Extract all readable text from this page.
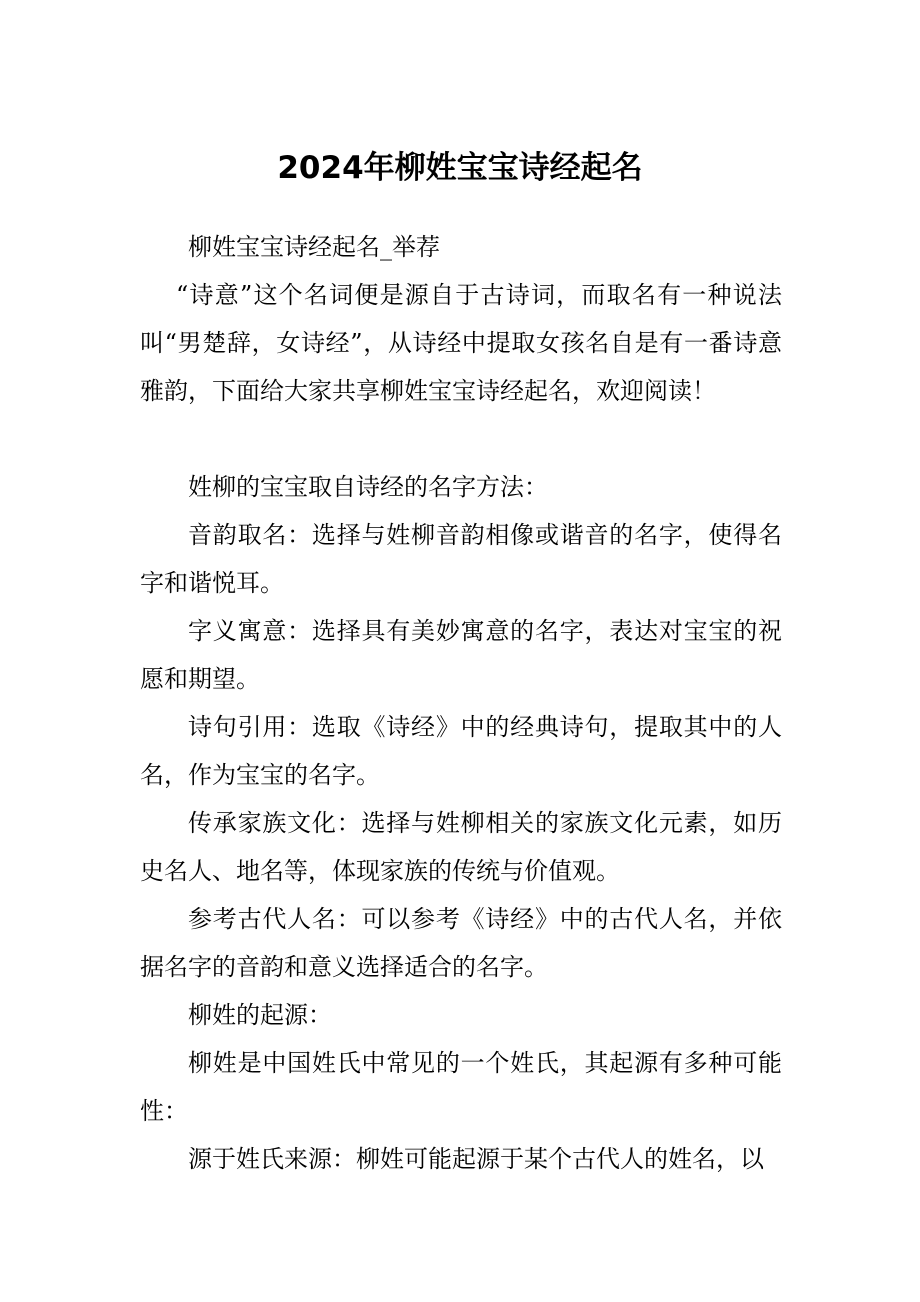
2024年柳姓宝宝诗经起名

柳姓宝宝诗经起名_举荐

“诗意”这个名词便是源自于古诗词，而取名有一种说法叫“男楚辞，女诗经”，从诗经中提取女孩名自是有一番诗意雅韵，下面给大家共享柳姓宝宝诗经起名，欢迎阅读！

姓柳的宝宝取自诗经的名字方法：

音韵取名：选择与姓柳音韵相像或谐音的名字，使得名字和谐悦耳。

字义寓意：选择具有美妙寓意的名字，表达对宝宝的祝愿和期望。

诗句引用：选取《诗经》中的经典诗句，提取其中的人名，作为宝宝的名字。

传承家族文化：选择与姓柳相关的家族文化元素，如历史名人、地名等，体现家族的传统与价值观。

参考古代人名：可以参考《诗经》中的古代人名，并依据名字的音韵和意义选择适合的名字。

柳姓的起源：

柳姓是中国姓氏中常见的一个姓氏，其起源有多种可能性：

源于姓氏来源：柳姓可能起源于某个古代人的姓名，以
